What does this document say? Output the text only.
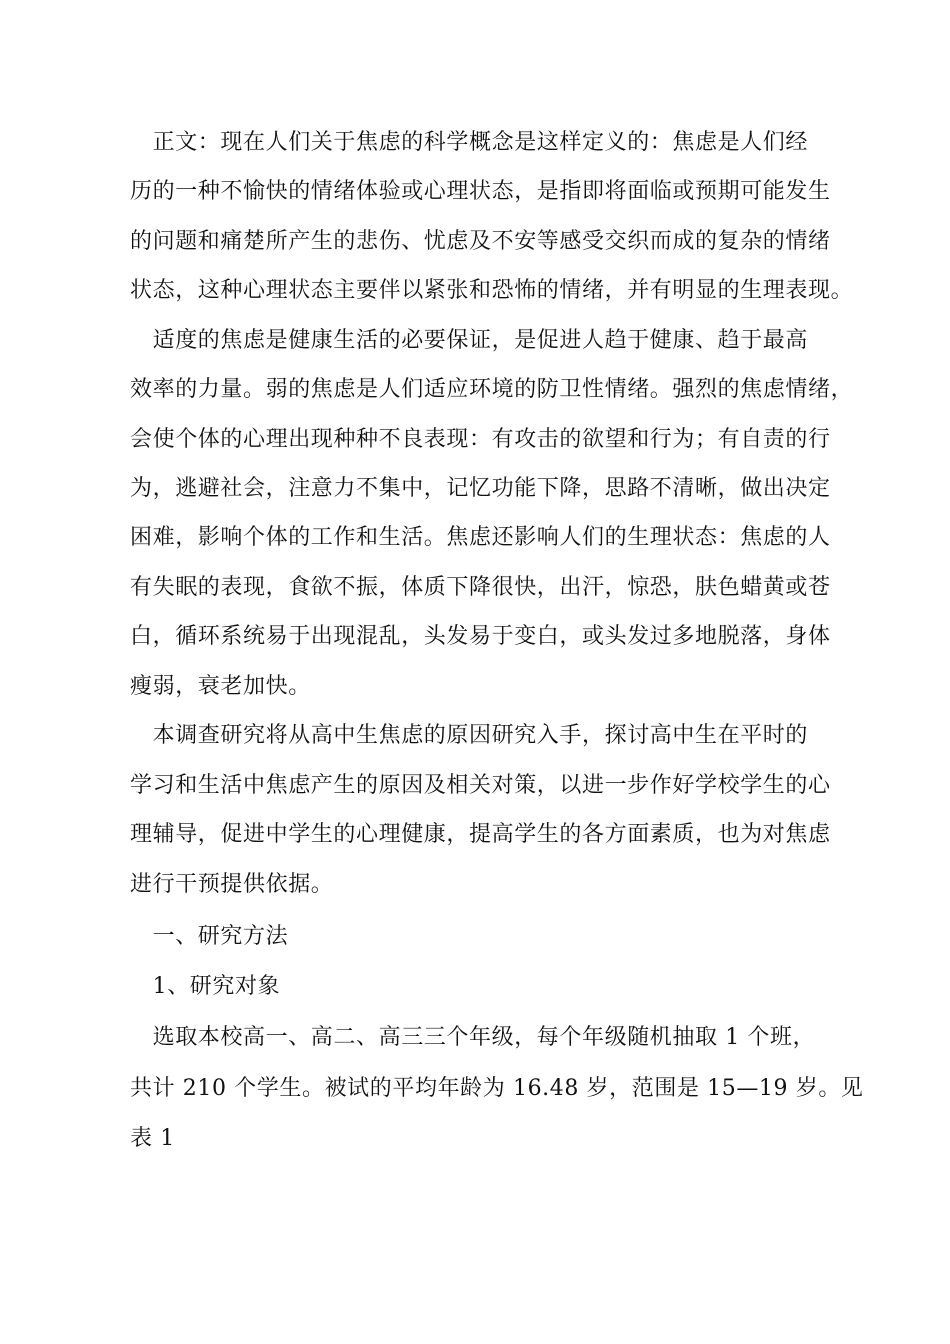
　正文：现在人们关于焦虑的科学概念是这样定义的：焦虑是人们经
历的一种不愉快的情绪体验或心理状态，是指即将面临或预期可能发生
的问题和痛楚所产生的悲伤、忧虑及不安等感受交织而成的复杂的情绪
状态，这种心理状态主要伴以紧张和恐怖的情绪，并有明显的生理表现。
　适度的焦虑是健康生活的必要保证，是促进人趋于健康、趋于最高
效率的力量。弱的焦虑是人们适应环境的防卫性情绪。强烈的焦虑情绪，
会使个体的心理出现种种不良表现：有攻击的欲望和行为；有自责的行
为，逃避社会，注意力不集中，记忆功能下降，思路不清晰，做出决定
困难，影响个体的工作和生活。焦虑还影响人们的生理状态：焦虑的人
有失眠的表现，食欲不振，体质下降很快，出汗，惊恐，肤色蜡黄或苍
白，循环系统易于出现混乱，头发易于变白，或头发过多地脱落，身体
瘦弱，衰老加快。
　本调查研究将从高中生焦虑的原因研究入手，探讨高中生在平时的
学习和生活中焦虑产生的原因及相关对策，以进一步作好学校学生的心
理辅导，促进中学生的心理健康，提高学生的各方面素质，也为对焦虑
进行干预提供依据。
　一、研究方法
　1、研究对象
　选取本校高一、高二、高三三个年级，每个年级随机抽取 1 个班，
共计 210 个学生。被试的平均年龄为 16.48 岁，范围是 15—19 岁。见
表 1
